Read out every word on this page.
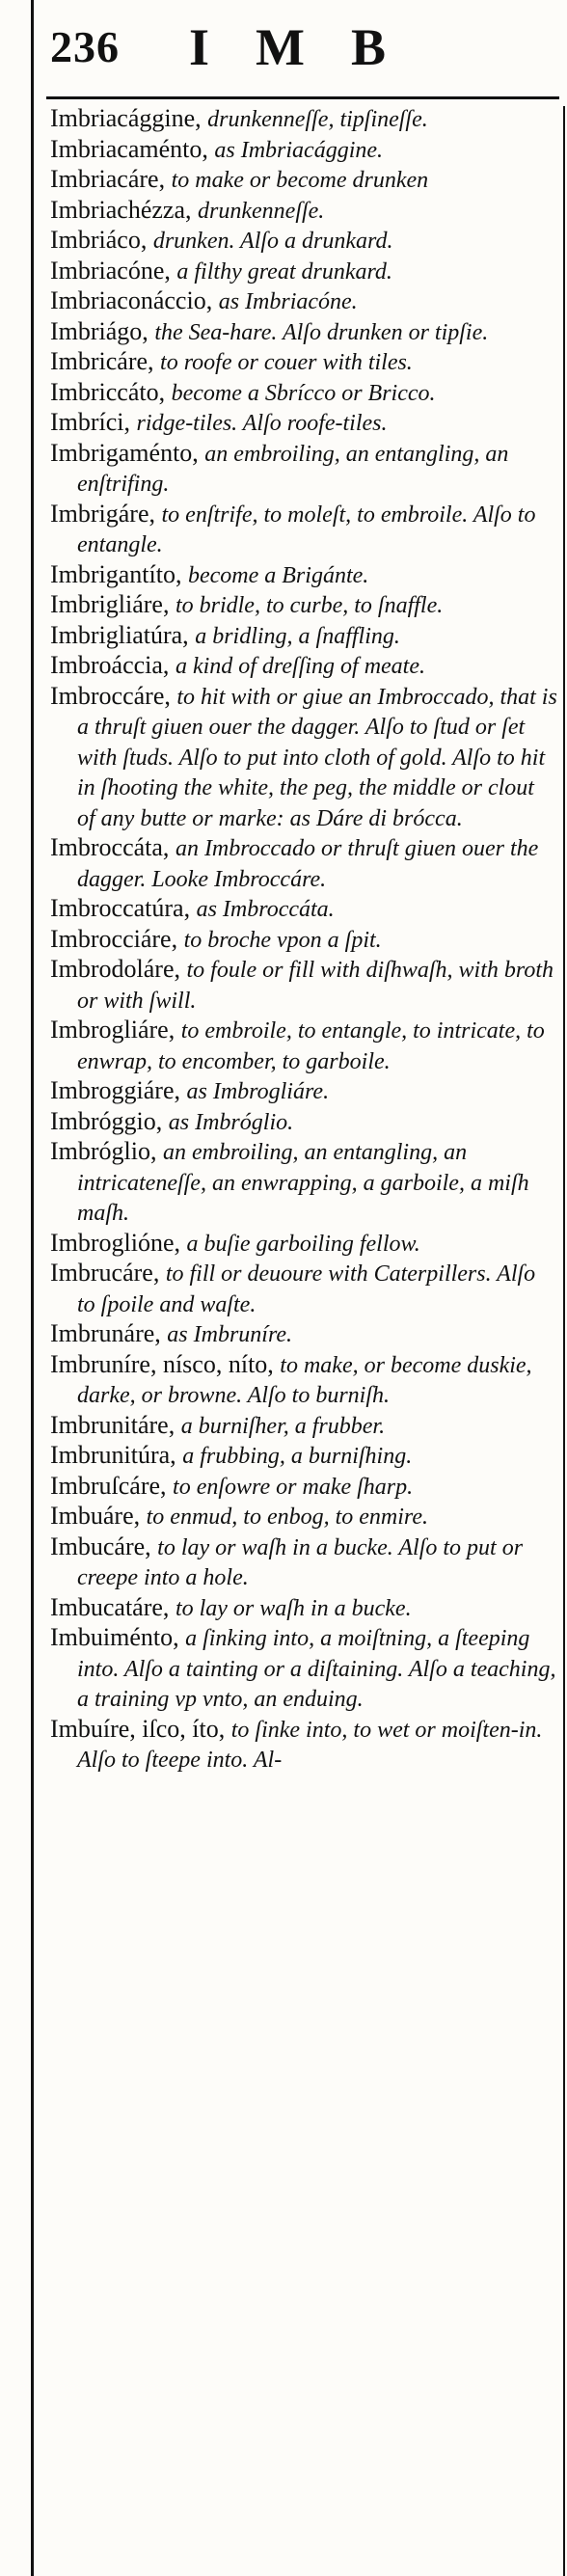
236 IMB

Imbriacággine, drunkenneſſe, tipſineſſe.

Imbriacaménto, as Imbriacággine.

Imbriacáre, to make or become drunken

Imbriachézza, drunkenneſſe.

Imbriáco, drunken. Alſo a drunkard.

Imbriacóne, a filthy great drunkard.

Imbriaconáccio, as Imbriacóne.

Imbriágo, the Sea-hare. Alſo drunken or tipſie.

Imbricáre, to roofe or couer with tiles.

Imbriccáto, become a Sbrícco or Bricco.

Imbríci, ridge-tiles. Alſo roofe-tiles.

Imbrigaménto, an embroiling, an entangling, an enſtrifing.

Imbrigáre, to enſtrife, to moleſt, to embroile. Alſo to entangle.

Imbrigantíto, become a Brigánte.

Imbrigliáre, to bridle, to curbe, to ſnaffle.

Imbrigliatúra, a bridling, a ſnaffling.

Imbroáccia, a kind of dreſſing of meate.

Imbroccáre, to hit with or giue an Imbroccado, that is a thruſt giuen ouer the dagger. Alſo to ſtud or ſet with ſtuds. Alſo to put into cloth of gold. Alſo to hit in ſhooting the white, the peg, the middle or clout of any butte or marke: as Dáre di brócca.

Imbroccáta, an Imbroccado or thruſt giuen ouer the dagger. Looke Imbroccáre.

Imbroccatúra, as Imbroccáta.

Imbrocciáre, to broche vpon a ſpit.

Imbrodoláre, to foule or fill with diſhwaſh, with broth or with ſwill.

Imbrogliáre, to embroile, to entangle, to intricate, to enwrap, to encomber, to garboile.

Imbroggiáre, as Imbrogliáre.

Imbróggio, as Imbróglio.

Imbróglio, an embroiling, an entangling, an intricateneſſe, an enwrapping, a garboile, a miſh maſh.

Imbroglióne, a buſie garboiling fellow.

Imbrucáre, to fill or deuoure with Caterpillers. Alſo to ſpoile and waſte.

Imbrunáre, as Imbruníre.

Imbruníre, nísco, níto, to make, or become duskie, darke, or browne. Alſo to burniſh.

Imbrunitáre, a burniſher, a frubber.

Imbrunitúra, a frubbing, a burniſhing.

Imbruſcáre, to enſowre or make ſharp.

Imbuáre, to enmud, to enbog, to enmire.

Imbucáre, to lay or waſh in a bucke. Alſo to put or creepe into a hole.

Imbucatáre, to lay or waſh in a bucke.

Imbuiménto, a ſinking into, a moiſtning, a ſteeping into. Alſo a tainting or a diſtaining. Alſo a teaching, a training vp vnto, an enduing.

Imbuíre, iſco, íto, to ſinke into, to wet or moiſten-in. Alſo to ſteepe into. Al-
